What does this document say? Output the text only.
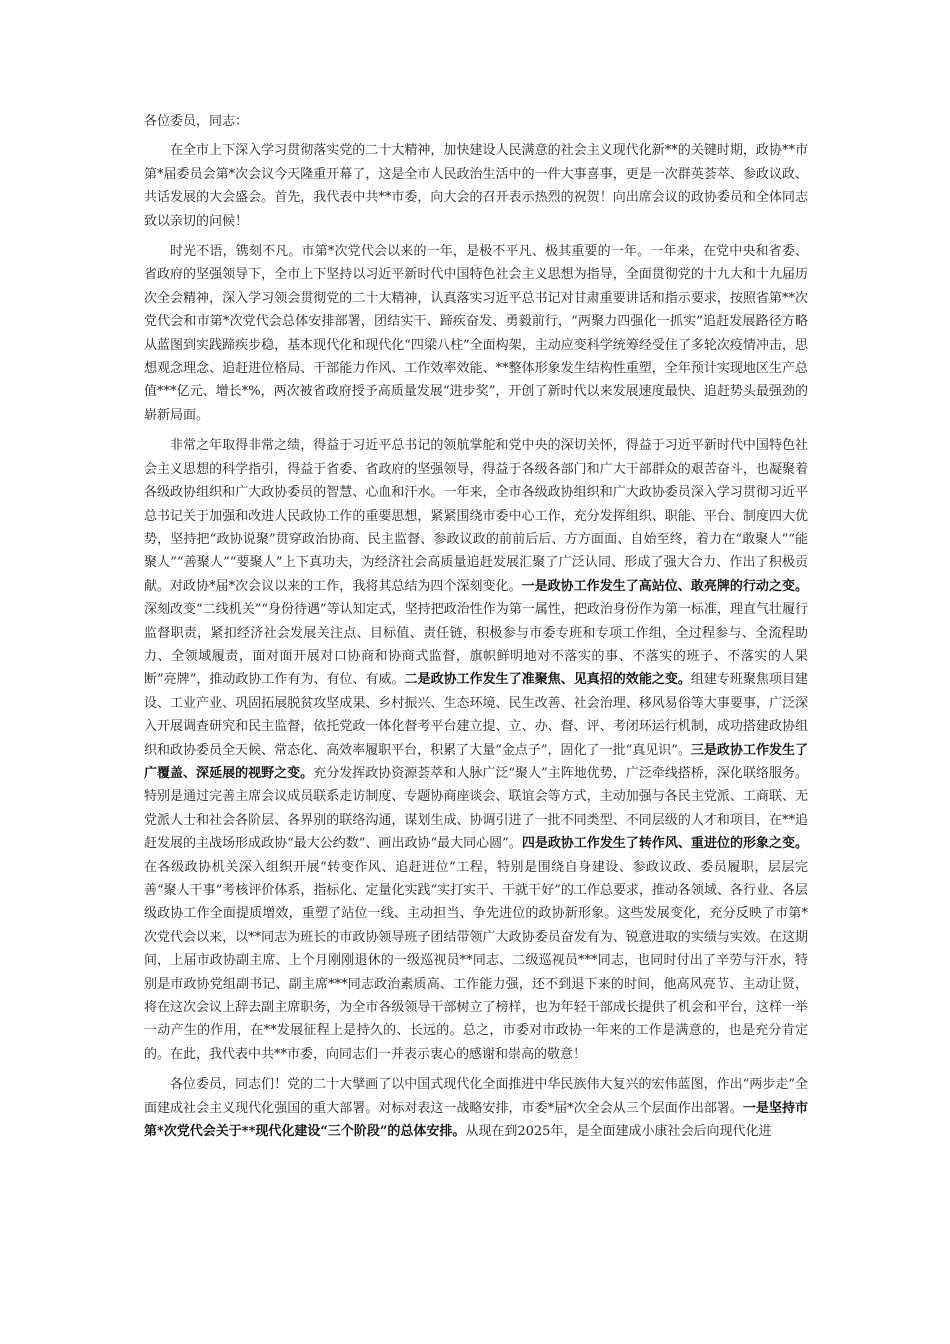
各位委员，同志：

在全市上下深入学习贯彻落实党的二十大精神，加快建设人民满意的社会主义现代化新**的关键时期，政协**市第*届委员会第*次会议今天隆重开幕了，这是全市人民政治生活中的一件大事喜事，更是一次群英荟萃、参政议政、共话发展的大会盛会。首先，我代表中共**市委，向大会的召开表示热烈的祝贺！向出席会议的政协委员和全体同志致以亲切的问候！

时光不语，镌刻不凡。市第*次党代会以来的一年，是极不平凡、极其重要的一年。一年来，在党中央和省委、省政府的坚强领导下，全市上下坚持以习近平新时代中国特色社会主义思想为指导，全面贯彻党的十九大和十九届历次全会精神，深入学习领会贯彻党的二十大精神，认真落实习近平总书记对甘肃重要讲话和指示要求，按照省第**次党代会和市第*次党代会总体安排部署，团结实干、蹄疾奋发、勇毅前行，“两聚力四强化一抓实”追赶发展路径方略从蓝图到实践蹄疾步稳，基本现代化和现代化“四梁八柱”全面构架，主动应变科学统筹经受住了多轮次疫情冲击，思想观念理念、追赶进位格局、干部能力作风、工作效率效能、**整体形象发生结构性重塑，全年预计实现地区生产总值***亿元、增长*%，两次被省政府授予高质量发展“进步奖”，开创了新时代以来发展速度最快、追赶势头最强劲的崭新局面。

非常之年取得非常之绩，得益于习近平总书记的领航掌舵和党中央的深切关怀，得益于习近平新时代中国特色社会主义思想的科学指引，得益于省委、省政府的坚强领导，得益于各级各部门和广大干部群众的艰苦奋斗，也凝聚着各级政协组织和广大政协委员的智慧、心血和汗水。一年来，全市各级政协组织和广大政协委员深入学习贯彻习近平总书记关于加强和改进人民政协工作的重要思想，紧紧围绕市委中心工作，充分发挥组织、职能、平台、制度四大优势，坚持把“政协说聚”贯穿政治协商、民主监督、参政议政的前前后后、方方面面、自始至终，着力在“敢聚人”“能聚人”“善聚人”“要聚人”上下真功夫，为经济社会高质量追赶发展汇聚了广泛认同、形成了强大合力、作出了积极贡献。对政协*届*次会议以来的工作，我将其总结为四个深刻变化。一是政协工作发生了高站位、敢亮牌的行动之变。深刻改变“二线机关”“身份待遇”等认知定式，坚持把政治性作为第一属性，把政治身份作为第一标准，理直气壮履行监督职责，紧扣经济社会发展关注点、目标值、责任链，积极参与市委专班和专项工作组，全过程参与、全流程助力、全领域履责，面对面开展对口协商和协商式监督，旗帜鲜明地对不落实的事、不落实的班子、不落实的人果断“亮牌”，推动政协工作有为、有位、有威。二是政协工作发生了准聚焦、见真招的效能之变。组建专班聚焦项目建设、工业产业、巩固拓展脱贫攻坚成果、乡村振兴、生态环境、民生改善、社会治理、移风易俗等大事要事，广泛深入开展调查研究和民主监督，依托党政一体化督考平台建立提、立、办、督、评、考闭环运行机制，成功搭建政协组织和政协委员全天候、常态化、高效率履职平台，积累了大量“金点子”，固化了一批“真见识”。三是政协工作发生了广覆盖、深延展的视野之变。充分发挥政协资源荟萃和人脉广泛“聚人”主阵地优势，广泛牵线搭桥，深化联络服务。特别是通过完善主席会议成员联系走访制度、专题协商座谈会、联谊会等方式，主动加强与各民主党派、工商联、无党派人士和社会各阶层、各界别的联络沟通，谋划生成、协调引进了一批不同类型、不同层级的人才和项目，在**追赶发展的主战场形成政协“最大公约数”、画出政协“最大同心圆”。四是政协工作发生了转作风、重进位的形象之变。在各级政协机关深入组织开展“转变作风、追赶进位”工程，特别是围绕自身建设、参政议政、委员履职，层层完善“聚人干事”考核评价体系，指标化、定量化实践“实打实干、干就干好”的工作总要求，推动各领域、各行业、各层级政协工作全面提质增效，重塑了站位一线、主动担当、争先进位的政协新形象。这些发展变化，充分反映了市第*次党代会以来，以**同志为班长的市政协领导班子团结带领广大政协委员奋发有为、锐意进取的实绩与实效。在这期间，上届市政协副主席、上个月刚刚退休的一级巡视员**同志、二级巡视员***同志，也同时付出了辛劳与汗水，特别是市政协党组副书记、副主席***同志政治素质高、工作能力强，还不到退下来的时间，他高风亮节、主动让贤，将在这次会议上辞去副主席职务，为全市各级领导干部树立了榜样，也为年轻干部成长提供了机会和平台，这样一举一动产生的作用，在**发展征程上是持久的、长远的。总之，市委对市政协一年来的工作是满意的，也是充分肯定的。在此，我代表中共**市委，向同志们一并表示衷心的感谢和崇高的敬意！

各位委员，同志们！党的二十大擘画了以中国式现代化全面推进中华民族伟大复兴的宏伟蓝图，作出“两步走”全面建成社会主义现代化强国的重大部署。对标对表这一战略安排，市委*届*次全会从三个层面作出部署。一是坚持市第*次党代会关于**现代化建设“三个阶段”的总体安排。从现在到2025年，是全面建成小康社会后向现代化进
